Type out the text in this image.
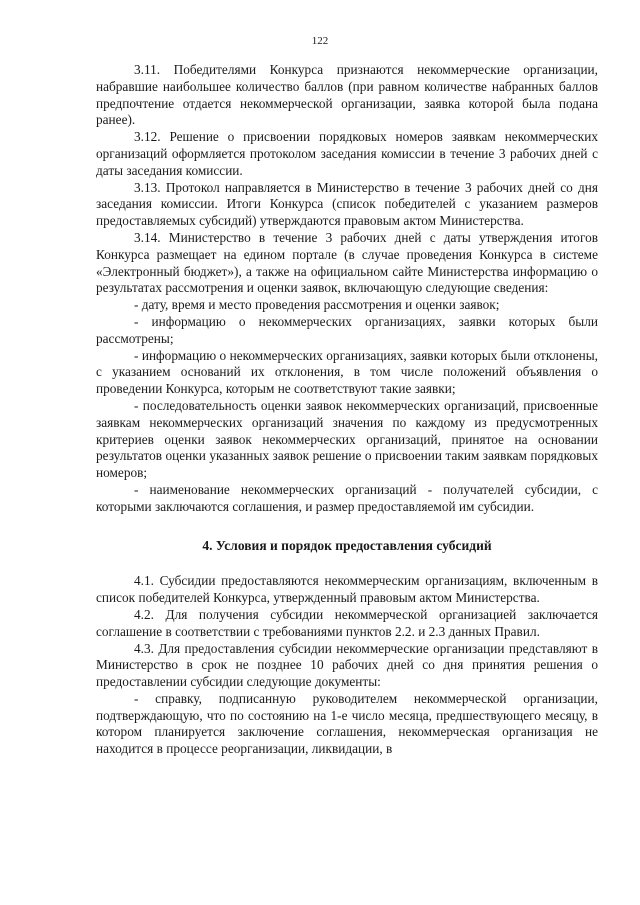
122

3.11. Победителями Конкурса признаются некоммерческие организации, набравшие наибольшее количество баллов (при равном количестве набранных баллов предпочтение отдается некоммерческой организации, заявка которой была подана ранее).

3.12. Решение о присвоении порядковых номеров заявкам некоммерческих организаций оформляется протоколом заседания комиссии в течение 3 рабочих дней с даты заседания комиссии.

3.13. Протокол направляется в Министерство в течение 3 рабочих дней со дня заседания комиссии. Итоги Конкурса (список победителей с указанием размеров предоставляемых субсидий) утверждаются правовым актом Министерства.

3.14. Министерство в течение 3 рабочих дней с даты утверждения итогов Конкурса размещает на едином портале (в случае проведения Конкурса в системе «Электронный бюджет»), а также на официальном сайте Министерства информацию о результатах рассмотрения и оценки заявок, включающую следующие сведения:

- дату, время и место проведения рассмотрения и оценки заявок;

- информацию о некоммерческих организациях, заявки которых были рассмотрены;

- информацию о некоммерческих организациях, заявки которых были отклонены, с указанием оснований их отклонения, в том числе положений объявления о проведении Конкурса, которым не соответствуют такие заявки;

- последовательность оценки заявок некоммерческих организаций, присвоенные заявкам некоммерческих организаций значения по каждому из предусмотренных критериев оценки заявок некоммерческих организаций, принятое на основании результатов оценки указанных заявок решение о присвоении таким заявкам порядковых номеров;

- наименование некоммерческих организаций - получателей субсидии, с которыми заключаются соглашения, и размер предоставляемой им субсидии.

4. Условия и порядок предоставления субсидий

4.1. Субсидии предоставляются некоммерческим организациям, включенным в список победителей Конкурса, утвержденный правовым актом Министерства.

4.2. Для получения субсидии некоммерческой организацией заключается соглашение в соответствии с требованиями пунктов 2.2. и 2.3 данных Правил.

4.3. Для предоставления субсидии некоммерческие организации представляют в Министерство в срок не позднее 10 рабочих дней со дня принятия решения о предоставлении субсидии следующие документы:

- справку, подписанную руководителем некоммерческой организации, подтверждающую, что по состоянию на 1-е число месяца, предшествующего месяцу, в котором планируется заключение соглашения, некоммерческая организация не находится в процессе реорганизации, ликвидации, в
